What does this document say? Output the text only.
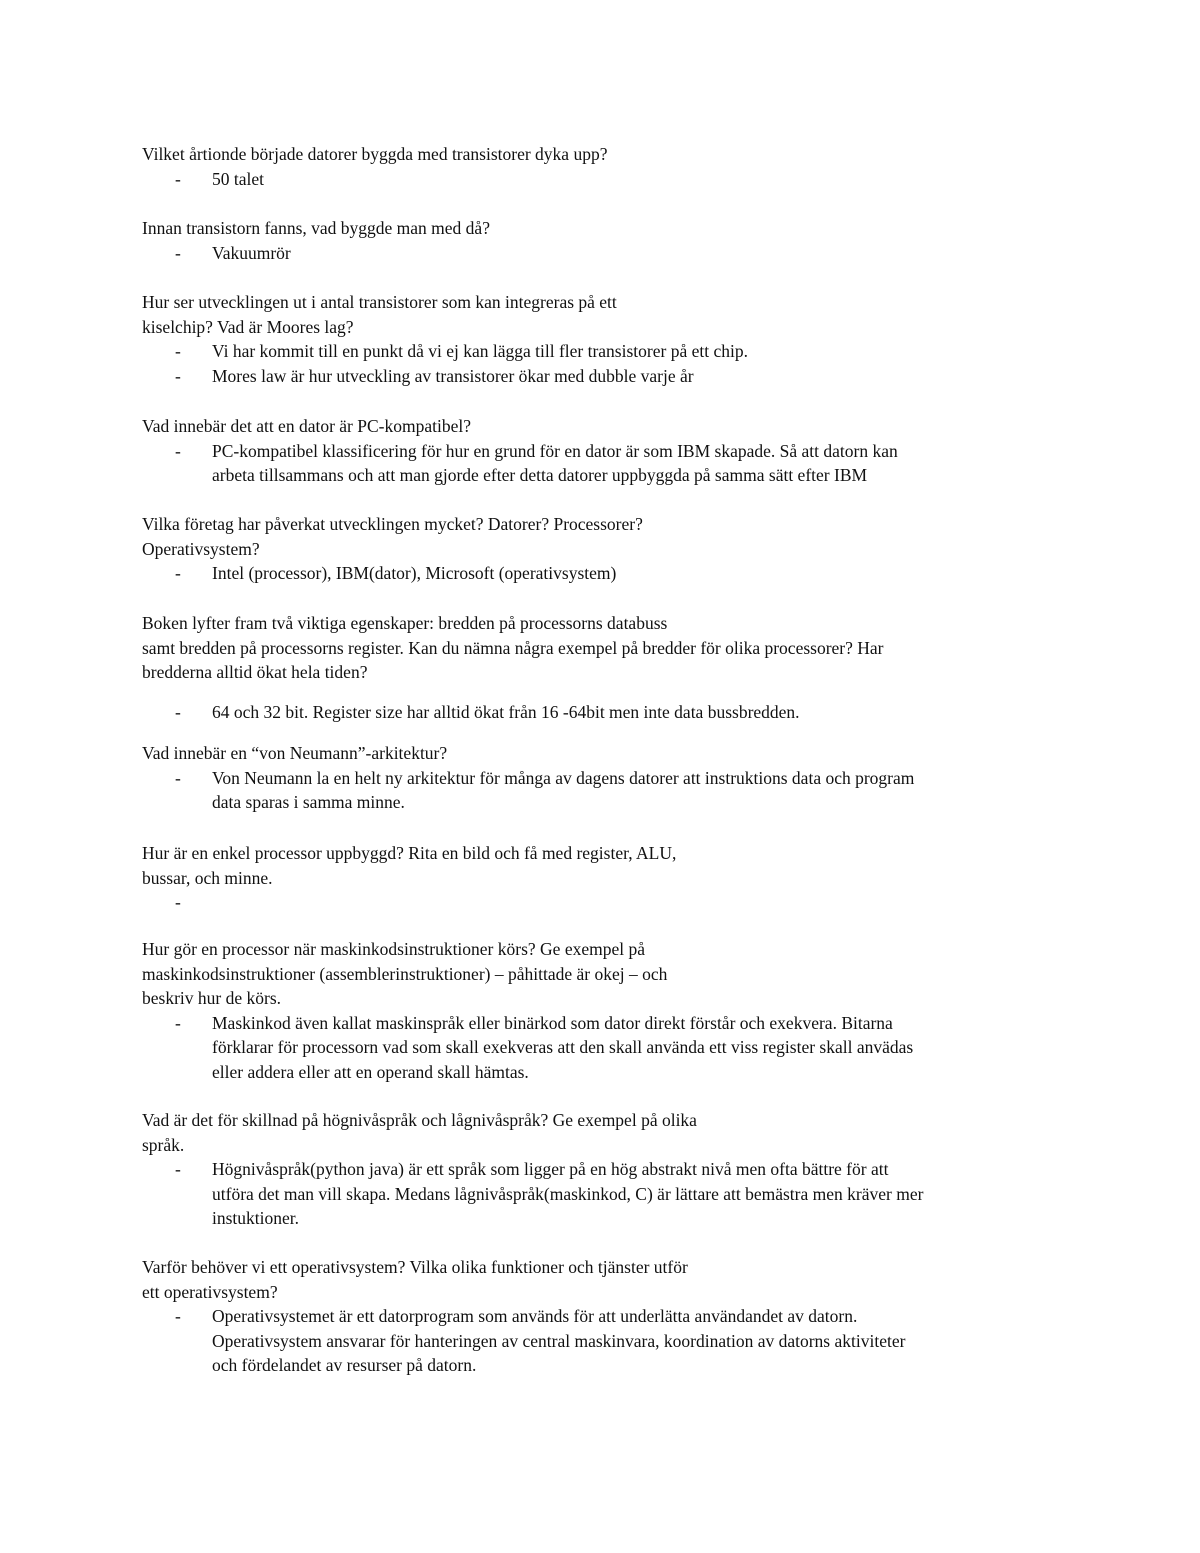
Vilket årtionde började datorer byggda med transistorer dyka upp?

- 50 talet

Innan transistorn fanns, vad byggde man med då?

- Vakuumrör

Hur ser utvecklingen ut i antal transistorer som kan integreras på ett
kiselchip? Vad är Moores lag?

- Vi har kommit till en punkt då vi ej kan lägga till fler transistorer på ett chip.
- Mores law är hur utveckling av transistorer ökar med dubble varje år

Vad innebär det att en dator är PC-kompatibel?

- PC-kompatibel klassificering för hur en grund för en dator är som IBM skapade. Så att datorn kan
arbeta tillsammans och att man gjorde efter detta datorer uppbyggda på samma sätt efter IBM

Vilka företag har påverkat utvecklingen mycket? Datorer? Processorer?
Operativsystem?

- Intel (processor), IBM(dator), Microsoft (operativsystem)

Boken lyfter fram två viktiga egenskaper: bredden på processorns databuss
samt bredden på processorns register. Kan du nämna några exempel på bredder för olika processorer? Har
bredderna alltid ökat hela tiden?

- 64 och 32 bit. Register size har alltid ökat från 16 -64bit men inte data bussbredden.

Vad innebär en “von Neumann”-arkitektur?

- Von Neumann la en helt ny arkitektur för många av dagens datorer att instruktions data och program
data sparas i samma minne.

Hur är en enkel processor uppbyggd? Rita en bild och få med register, ALU,
bussar, och minne.

-

Hur gör en processor när maskinkodsinstruktioner körs? Ge exempel på
maskinkodsinstruktioner (assemblerinstruktioner) – påhittade är okej – och
beskriv hur de körs.

- Maskinkod även kallat maskinspråk eller binärkod som dator direkt förstår och exekvera. Bitarna
förklarar för processorn vad som skall exekveras att den skall använda ett viss register skall anvädas
eller addera eller att en operand skall hämtas.

Vad är det för skillnad på högnivåspråk och lågnivåspråk? Ge exempel på olika
språk.

- Högnivåspråk(python java) är ett språk som ligger på en hög abstrakt nivå men ofta bättre för att
utföra det man vill skapa. Medans lågnivåspråk(maskinkod, C) är lättare att bemästra men kräver mer
instuktioner.

Varför behöver vi ett operativsystem? Vilka olika funktioner och tjänster utför
ett operativsystem?

- Operativsystemet är ett datorprogram som används för att underlätta användandet av datorn.
Operativsystem ansvarar för hanteringen av central maskinvara, koordination av datorns aktiviteter
och fördelandet av resurser på datorn.
